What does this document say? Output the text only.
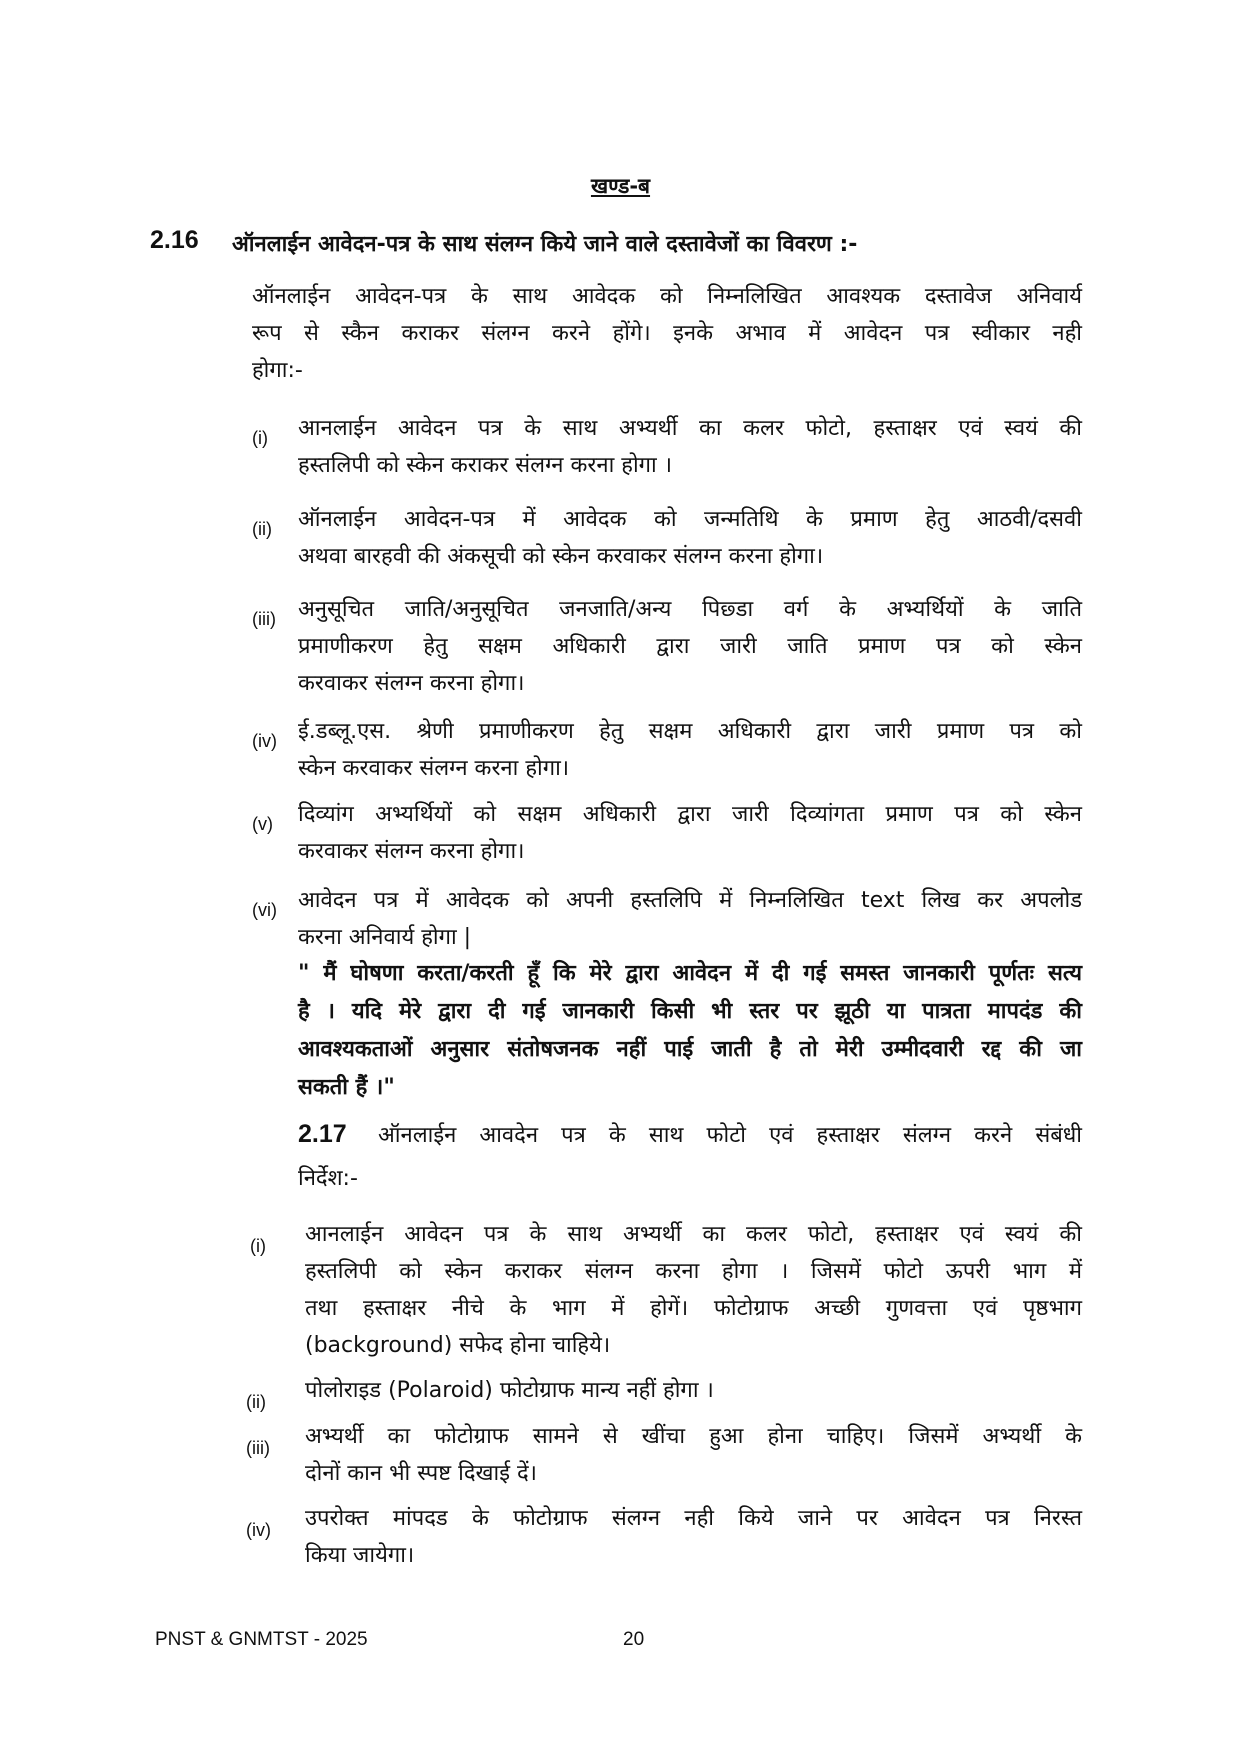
खण्ड-ब
2.16 ऑनलाईन आवेदन-पत्र के साथ संलग्न किये जाने वाले दस्तावेजों का विवरण :-
ऑनलाईन आवेदन-पत्र के साथ आवेदक को निम्नलिखित आवश्यक दस्तावेज अनिवार्य
रूप से स्कैन कराकर संलग्न करने होंगे। इनके अभाव में आवेदन पत्र स्वीकार नही
होगा:-
(i) आनलाईन आवेदन पत्र के साथ अभ्यर्थी का कलर फोटो, हस्ताक्षर एवं स्वयं की
हस्तलिपी को स्केन कराकर संलग्न करना होगा ।
(ii) ऑनलाईन आवेदन-पत्र में आवेदक को जन्मतिथि के प्रमाण हेतु आठवी/दसवी
अथवा बारहवी की अंकसूची को स्केन करवाकर संलग्न करना होगा।
(iii) अनुसूचित जाति/अनुसूचित जनजाति/अन्य पिछ्डा वर्ग के अभ्यर्थियों के जाति
प्रमाणीकरण हेतु सक्षम अधिकारी द्वारा जारी जाति प्रमाण पत्र को स्केन
करवाकर संलग्न करना होगा।
(iv) ई.डब्लू.एस. श्रेणी प्रमाणीकरण हेतु सक्षम अधिकारी द्वारा जारी प्रमाण पत्र को
स्केन करवाकर संलग्न करना होगा।
(v) दिव्यांग अभ्यर्थियों को सक्षम अधिकारी द्वारा जारी दिव्यांगता प्रमाण पत्र को स्केन
करवाकर संलग्न करना होगा।
(vi) आवेदन पत्र में आवेदक को अपनी हस्तलिपि में निम्नलिखित text लिख कर अपलोड
करना अनिवार्य होगा |
" मैं घोषणा करता/करती हूँ कि मेरे द्वारा आवेदन में दी गई समस्त जानकारी पूर्णतः सत्य
है । यदि मेरे द्वारा दी गई जानकारी किसी भी स्तर पर झूठी या पात्रता मापदंड की
आवश्यकताओं अनुसार संतोषजनक नहीं पाई जाती है तो मेरी उम्मीदवारी रद्द की जा
सकती हैं ।"
2.17 ऑनलाईन आवदेन पत्र के साथ फोटो एवं हस्ताक्षर संलग्न करने संबंधी
निर्देश:-
(i) आनलाईन आवेदन पत्र के साथ अभ्यर्थी का कलर फोटो, हस्ताक्षर एवं स्वयं की
हस्तलिपी को स्केन कराकर संलग्न करना होगा । जिसमें फोटो ऊपरी भाग में
तथा हस्ताक्षर नीचे के भाग में होगें। फोटोग्राफ अच्छी गुणवत्ता एवं पृष्ठभाग
(background) सफेद होना चाहिये।
(ii) पोलोराइड (Polaroid) फोटोग्राफ मान्य नहीं होगा ।
(iii) अभ्यर्थी का फोटोग्राफ सामने से खींचा हुआ होना चाहिए। जिसमें अभ्यर्थी के
दोनों कान भी स्पष्ट दिखाई दें।
(iv) उपरोक्त मांपदड के फोटोग्राफ संलग्न नही किये जाने पर आवेदन पत्र निरस्त
किया जायेगा।
PNST & GNMTST - 2025	20
